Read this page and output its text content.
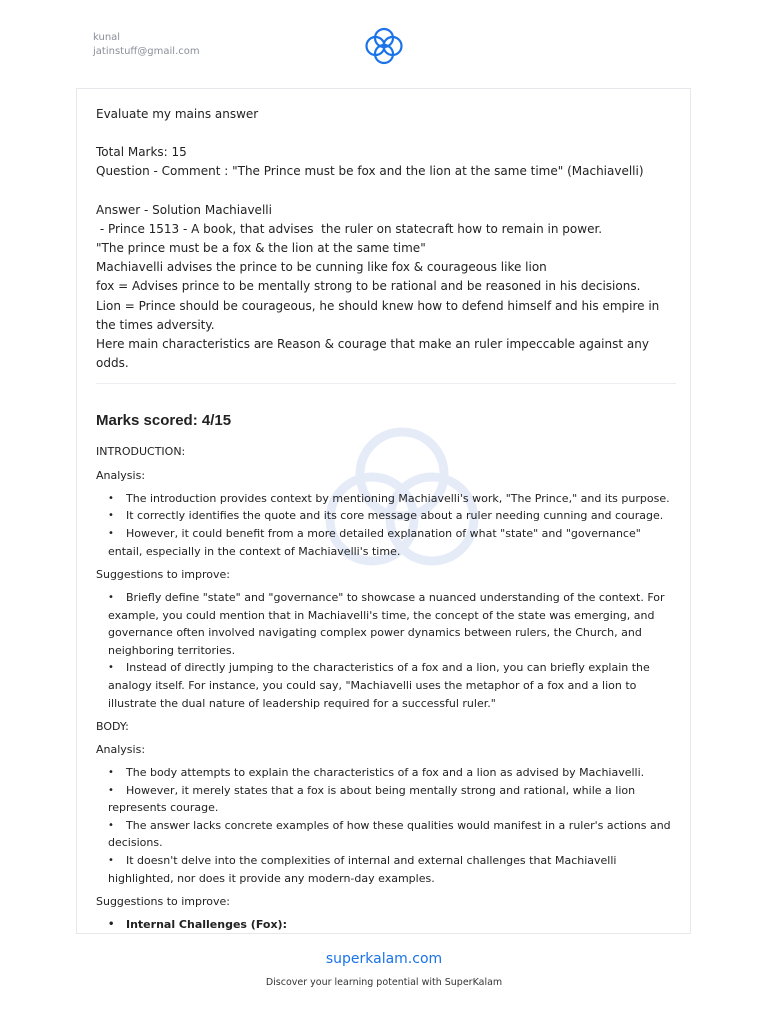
kunal
jatinstuff@gmail.com

Evaluate my mains answer

Total Marks: 15

Question - Comment : "The Prince must be fox and the lion at the same time" (Machiavelli)

Answer - Solution Machiavelli

- Prince 1513 - A book, that advises  the ruler on statecraft how to remain in power.

"The prince must be a fox & the lion at the same time"

Machiavelli advises the prince to be cunning like fox & courageous like lion

fox = Advises prince to be mentally strong to be rational and be reasoned in his decisions.

Lion = Prince should be courageous, he should knew how to defend himself and his empire in the times adversity.

Here main characteristics are Reason & courage that make an ruler impeccable against any odds.

Marks scored: 4/15

INTRODUCTION:

Analysis:

• The introduction provides context by mentioning Machiavelli's work, "The Prince," and its purpose.
• It correctly identifies the quote and its core message about a ruler needing cunning and courage.
• However, it could benefit from a more detailed explanation of what "state" and "governance" entail, especially in the context of Machiavelli's time.

Suggestions to improve:

• Briefly define "state" and "governance" to showcase a nuanced understanding of the context. For example, you could mention that in Machiavelli's time, the concept of the state was emerging, and governance often involved navigating complex power dynamics between rulers, the Church, and neighboring territories.
• Instead of directly jumping to the characteristics of a fox and a lion, you can briefly explain the analogy itself. For instance, you could say, "Machiavelli uses the metaphor of a fox and a lion to illustrate the dual nature of leadership required for a successful ruler."

BODY:

Analysis:

• The body attempts to explain the characteristics of a fox and a lion as advised by Machiavelli.
• However, it merely states that a fox is about being mentally strong and rational, while a lion represents courage.
• The answer lacks concrete examples of how these qualities would manifest in a ruler's actions and decisions.
• It doesn't delve into the complexities of internal and external challenges that Machiavelli highlighted, nor does it provide any modern-day examples.

Suggestions to improve:

• Internal Challenges (Fox):
superkalam.com
Discover your learning potential with SuperKalam
